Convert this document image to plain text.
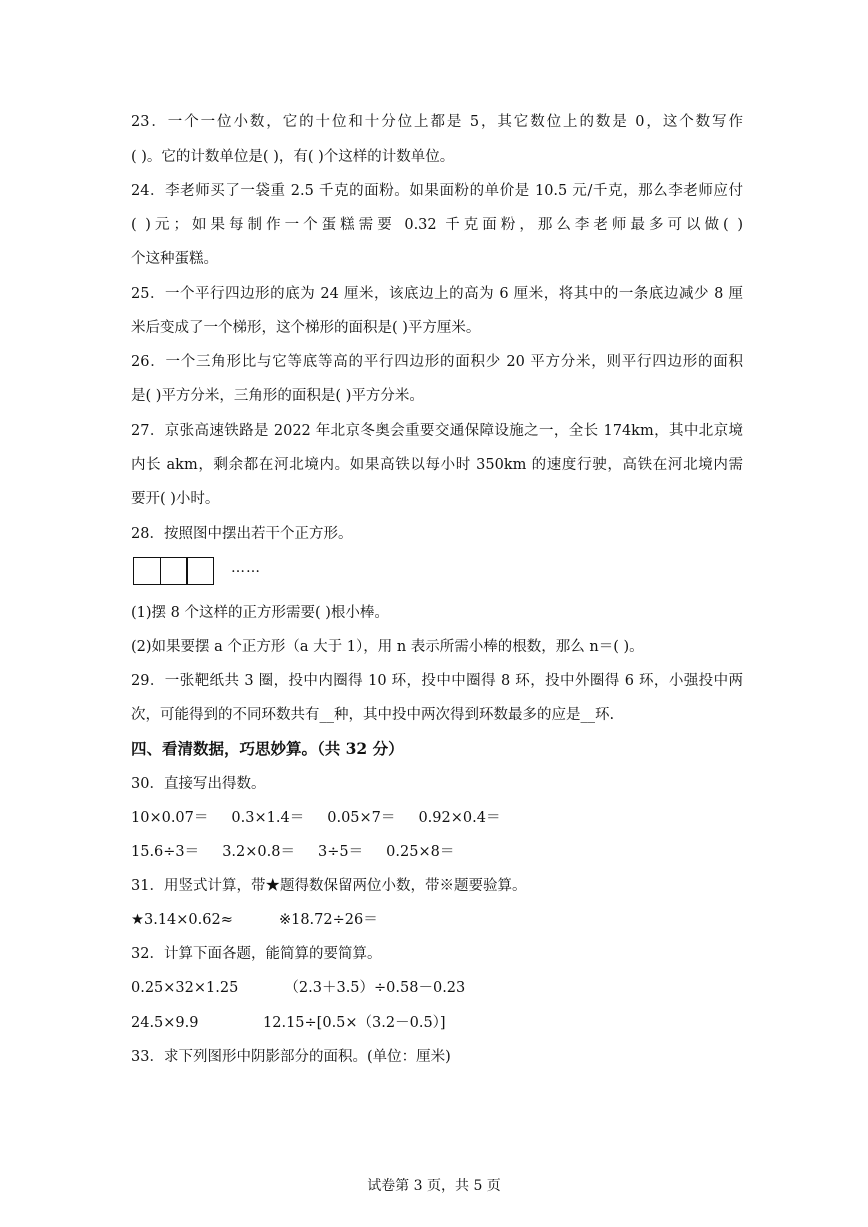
23．一个一位小数，它的十位和十分位上都是 5，其它数位上的数是 0，这个数写作

( )。它的计数单位是( )，有( )个这样的计数单位。

24．李老师买了一袋重 2.5 千克的面粉。如果面粉的单价是 10.5 元/千克，那么李老师应付

( )元；如果每制作一个蛋糕需要 0.32 千克面粉，那么李老师最多可以做( )

个这种蛋糕。

25．一个平行四边形的底为 24 厘米，该底边上的高为 6 厘米，将其中的一条底边减少 8 厘

米后变成了一个梯形，这个梯形的面积是( )平方厘米。

26．一个三角形比与它等底等高的平行四边形的面积少 20 平方分米，则平行四边形的面积

是( )平方分米，三角形的面积是( )平方分米。

27．京张高速铁路是 2022 年北京冬奥会重要交通保障设施之一，全长 174km，其中北京境

内长 akm，剩余都在河北境内。如果高铁以每小时 350km 的速度行驶，高铁在河北境内需

要开( )小时。

28．按照图中摆出若干个正方形。

……

(1)摆 8 个这样的正方形需要( )根小棒。

(2)如果要摆 a 个正方形（a 大于 1），用 n 表示所需小棒的根数，那么 n＝( )。

29．一张靶纸共 3 圈，投中内圈得 10 环，投中中圈得 8 环，投中外圈得 6 环，小强投中两

次，可能得到的不同环数共有__种，其中投中两次得到环数最多的应是__环.

四、看清数据，巧思妙算。（共 32 分）

30．直接写出得数。

10×0.07＝     0.3×1.4＝     0.05×7＝     0.92×0.4＝

15.6÷3＝     3.2×0.8＝     3÷5＝     0.25×8＝

31．用竖式计算，带★题得数保留两位小数，带※题要验算。

★3.14×0.62≈          ※18.72÷26＝

32．计算下面各题，能简算的要简算。

0.25×32×1.25          （2.3＋3.5）÷0.58－0.23

24.5×9.9              12.15÷[0.5×（3.2－0.5）]

33．求下列图形中阴影部分的面积。(单位：厘米)

试卷第 3 页，共 5 页
